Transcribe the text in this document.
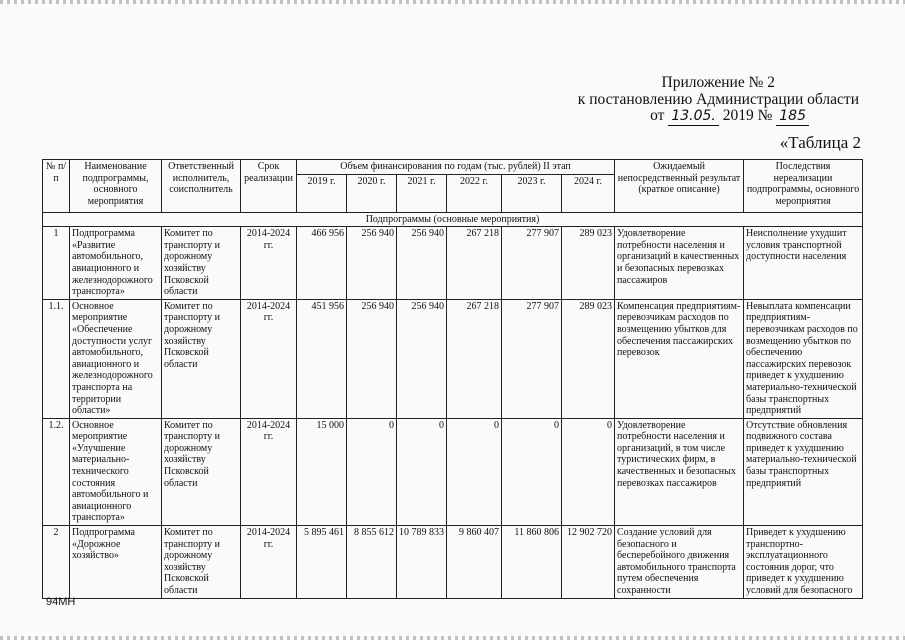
Приложение № 2
к постановлению Администрации области
от 13.05. 2019 № 185
«Таблица 2
№ п/п	Наименование подпрограммы, основного мероприятия	Ответственный исполнитель, соисполнитель	Срок реализации	Объем финансирования по годам (тыс. рублей) II этап						Ожидаемый непосредственный результат (краткое описание)	Последствия нереализации подпрограммы, основного мероприятия
				2019 г.	2020 г.	2021 г.	2022 г.	2023 г.	2024 г.		
Подпрограммы (основные мероприятия)											
1	Подпрограмма «Развитие автомобильного, авиационного и железнодорожного транспорта»	Комитет по транспорту и дорожному хозяйству Псковской области	2014-2024 гг.	466 956	256 940	256 940	267 218	277 907	289 023	Удовлетворение потребности населения и организаций в качественных и безопасных перевозках пассажиров	Неисполнение ухудшит условия транспортной доступности населения
1.1.	Основное мероприятие «Обеспечение доступности услуг автомобильного, авиационного и железнодорожного транспорта на территории области»	Комитет по транспорту и дорожному хозяйству Псковской области	2014-2024 гг.	451 956	256 940	256 940	267 218	277 907	289 023	Компенсация предприятиям-перевозчикам расходов по возмещению убытков для обеспечения пассажирских перевозок	Невыплата компенсации предприятиям-перевозчикам расходов по возмещению убытков по обеспечению пассажирских перевозок приведет к ухудшению материально-технической базы транспортных предприятий
1.2.	Основное мероприятие «Улучшение материально-технического состояния автомобильного и авиационного транспорта»	Комитет по транспорту и дорожному хозяйству Псковской области	2014-2024 гг.	15 000	0	0	0	0	0	Удовлетворение потребности населения и организаций, в том числе туристических фирм, в качественных и безопасных перевозках пассажиров	Отсутствие обновления подвижного состава приведет к ухудшению материально-технической базы транспортных предприятий
2	Подпрограмма «Дорожное хозяйство»	Комитет по транспорту и дорожному хозяйству Псковской области	2014-2024 гг.	5 895 461	8 855 612	10 789 833	9 860 407	11 860 806	12 902 720	Создание условий для безопасного и бесперебойного движения автомобильного транспорта путем обеспечения сохранности	Приведет к ухудшению транспортно-эксплуатационного состояния дорог, что приведет к ухудшению условий для безопасного
94МН
